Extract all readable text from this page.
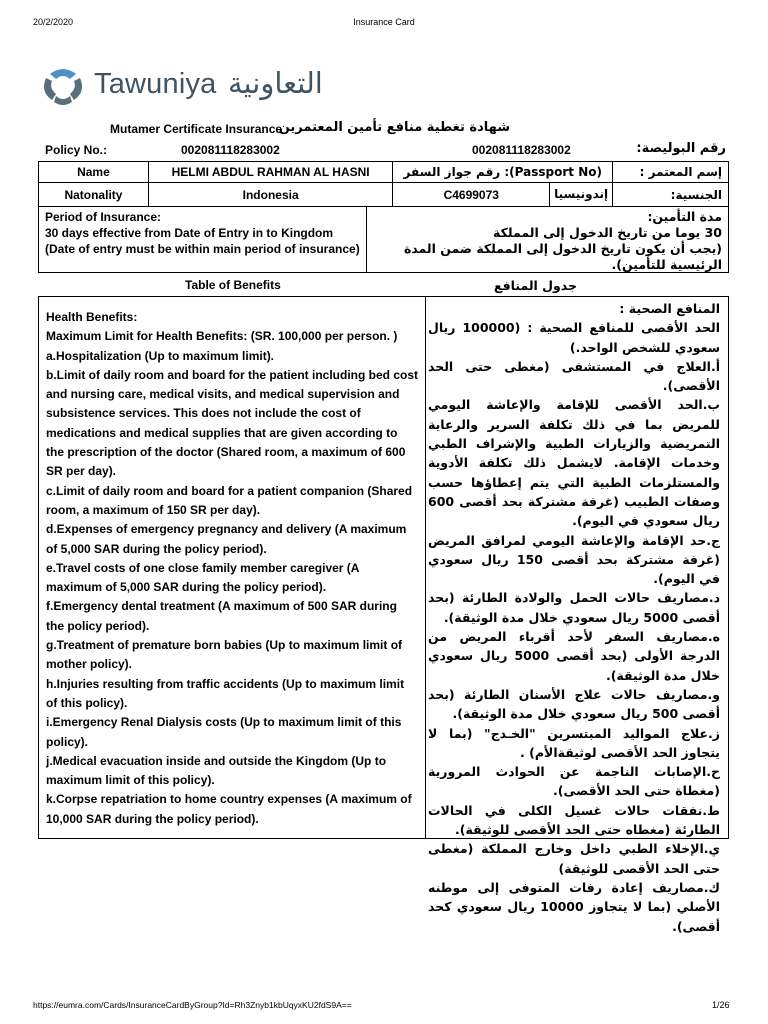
20/2/2020	Insurance Card
Tawuniya التعاونية
Mutamer Certificate Insurance
شهادة تغطية منافع تأمين المعتمرين
Policy No.:	002081118283002	002081118283002	رقم البوليصة:
Name	HELMI ABDUL RAHMAN AL HASNI	(Passport No): رقم جواز السفر	إسم المعتمر :
Natonality	Indonesia	C4699073 إندونيسيا	الجنسية:
Period of Insurance:
30 days effective from Date of Entry in to Kingdom
(Date of entry must be within main period of insurance)
مدة التأمين:
30 يوما من تاريخ الدخول إلى المملكة
(يجب أن يكون تاريخ الدخول إلى المملكة ضمن المدة الرئيسية للتأمين).
Table of Benefits	جدول المنافع
Health Benefits:
Maximum Limit for Health Benefits: (SR. 100,000 per person. )
a.Hospitalization (Up to maximum limit).
b.Limit of daily room and board for the patient including bed cost and nursing care, medical visits, and medical supervision and subsistence services. This does not include the cost of medications and medical supplies that are given according to the prescription of the doctor (Shared room, a maximum of 600 SR per day).
c.Limit of daily room and board for a patient companion (Shared room, a maximum of 150 SR per day).
d.Expenses of emergency pregnancy and delivery (A maximum of 5,000 SAR during the policy period).
e.Travel costs of one close family member caregiver (A maximum of 5,000 SAR during the policy period).
f.Emergency dental treatment (A maximum of 500 SAR during the policy period).
g.Treatment of premature born babies (Up to maximum limit of mother policy).
h.Injuries resulting from traffic accidents (Up to maximum limit of this policy).
i.Emergency Renal Dialysis costs (Up to maximum limit of this policy).
j.Medical evacuation inside and outside the Kingdom (Up to maximum limit of this policy).
k.Corpse repatriation to home country expenses (A maximum of 10,000 SAR during the policy period).
المنافع الصحية :
الحد الأقصى للمنافع الصحية : (100000 ريال سعودي للشخص الواحد.)
أ.العلاج في المستشفى (مغطى حتى الحد الأقصى).
ب.الحد الأقصى للإقامة والإعاشة اليومي للمريض بما في ذلك تكلفة السرير والرعاية التمريضية والزيارات الطبية والإشراف الطبي وخدمات الإقامة. لايشمل ذلك تكلفة الأدوية والمستلزمات الطبية التي يتم إعطاؤها حسب وصفات الطبيب (غرفة مشتركة بحد أقصى 600 ريال سعودي في اليوم).
ج.حد الإقامة والإعاشة اليومي لمرافق المريض (غرفة مشتركة بحد أقصى 150 ريال سعودي في اليوم).
د.مصاريف حالات الحمل والولادة الطارئة (بحد أقصى 5000 ريال سعودي خلال مدة الوثيقة).
ه.مصاريف السفر لأحد أقرباء المريض من الدرجة الأولى (بحد أقصى 5000 ريال سعودي خلال مدة الوثيقة).
و.مصاريف حالات علاج الأسنان الطارئة (بحد أقصى 500 ريال سعودي خلال مدة الوثيقة).
ز.علاج المواليد المبتسرين "الخـدج" (بما لا يتجاوز الحد الأقصى لوثيقةالأم) .
ح.الإصابات الناجمة عن الحوادث المرورية (مغطاة حتى الحد الأقصى).
ط.نفقات حالات غسيل الكلى في الحالات الطارئة (مغطاه حتى الحد الأقصى للوثيقة).
ي.الإخلاء الطبي داخل وخارج المملكة (مغطى حتى الحد الأقصى للوثيقة)
ك.مصاريف إعادة رفات المتوفى إلى موطنه الأصلي (بما لا يتجاوز 10000 ريال سعودي كحد أقصى).
https://eumra.com/Cards/InsuranceCardByGroup?Id=Rh3Znyb1kbUqyxKU2fdS9A==	1/26
